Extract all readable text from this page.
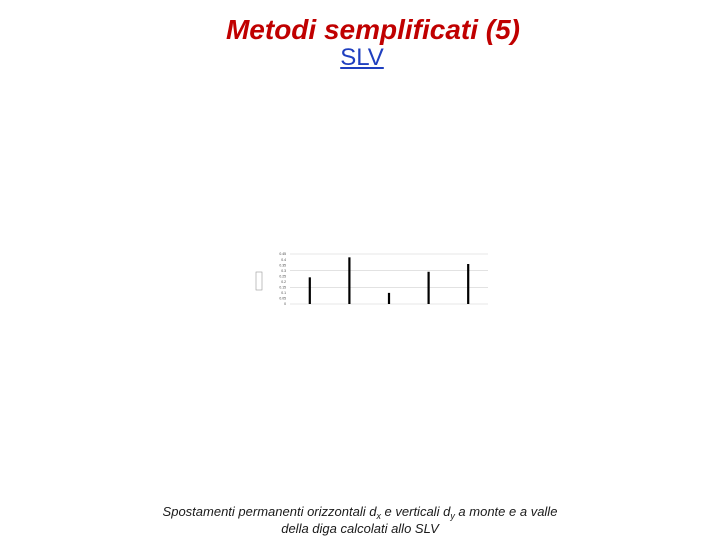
Metodi semplificati (5)
SLV
0
0.05
0.1
0.15
0.2
0.25
0.3
0.35
0.4
0.45
Spostamenti permanenti orizzontali $d_x$ e verticali $d_y$ a monte e a valle
della diga calcolati allo SLV
